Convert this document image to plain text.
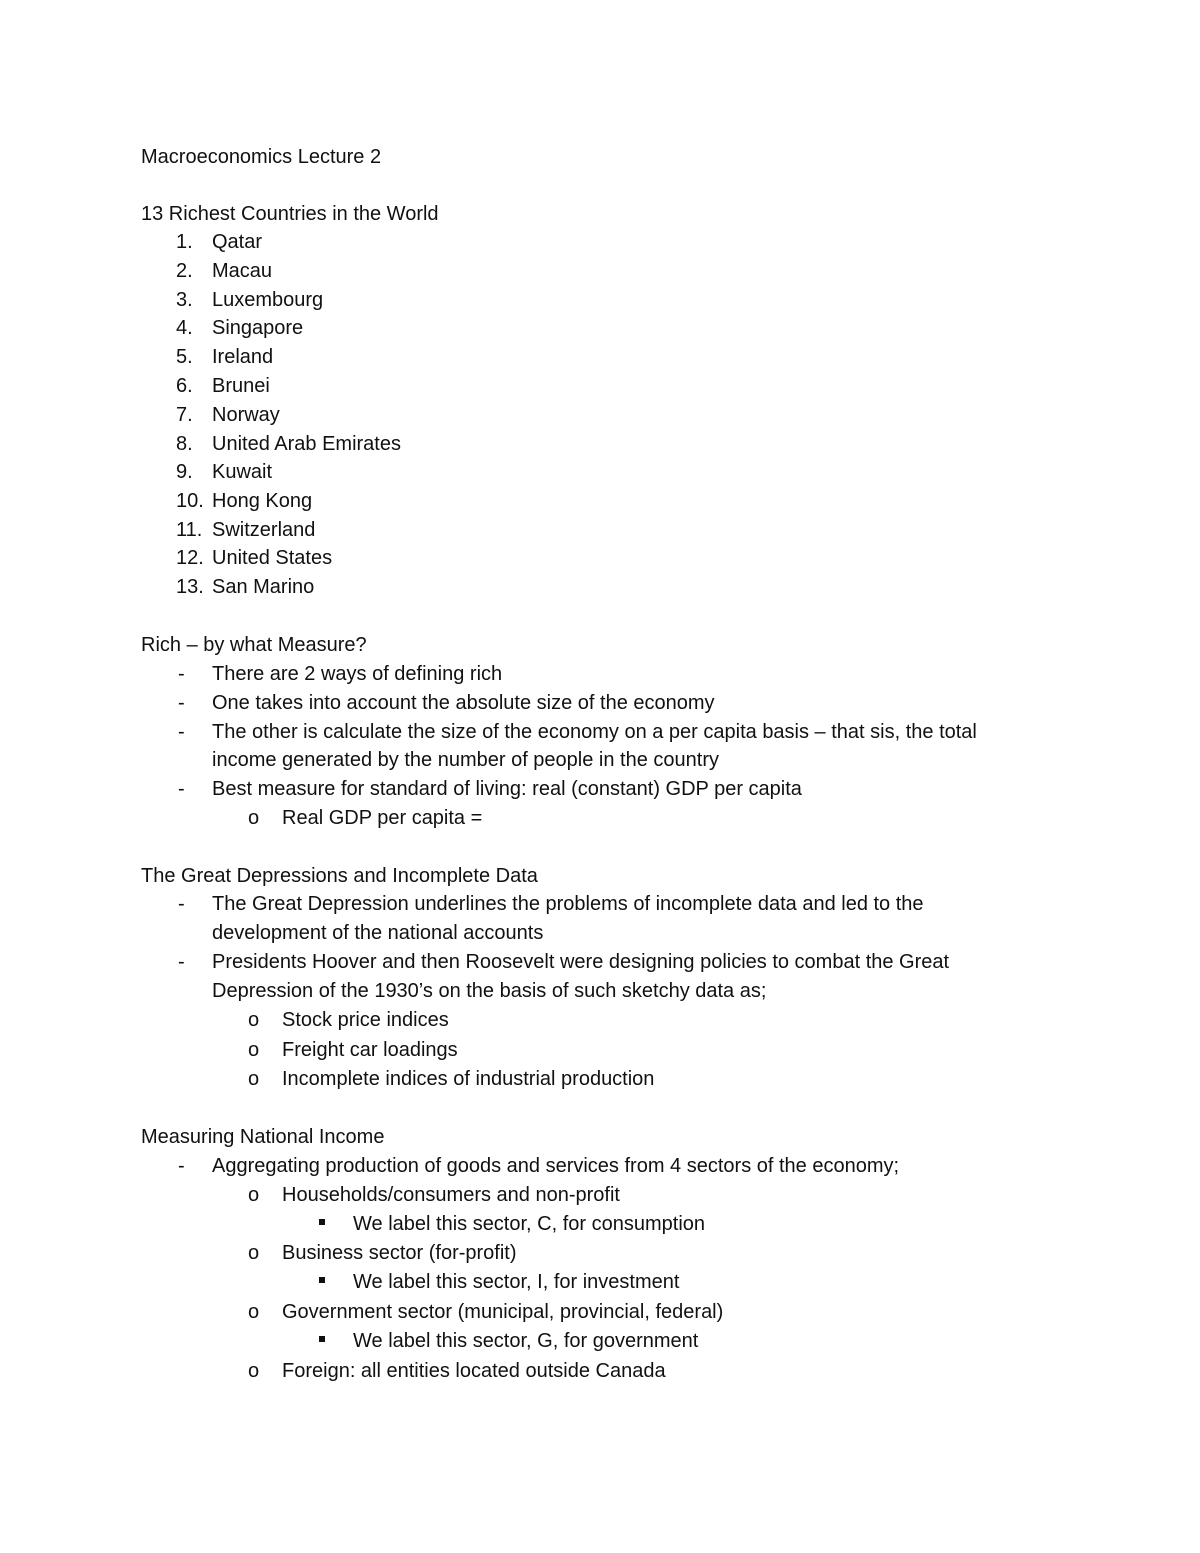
Macroeconomics Lecture 2
13 Richest Countries in the World
1. Qatar
2. Macau
3. Luxembourg
4. Singapore
5. Ireland
6. Brunei
7. Norway
8. United Arab Emirates
9. Kuwait
10. Hong Kong
11. Switzerland
12. United States
13. San Marino
Rich – by what Measure?
- There are 2 ways of defining rich
- One takes into account the absolute size of the economy
- The other is calculate the size of the economy on a per capita basis – that sis, the total
income generated by the number of people in the country
- Best measure for standard of living: real (constant) GDP per capita
o Real GDP per capita =
The Great Depressions and Incomplete Data
- The Great Depression underlines the problems of incomplete data and led to the
development of the national accounts
- Presidents Hoover and then Roosevelt were designing policies to combat the Great
Depression of the 1930’s on the basis of such sketchy data as;
o Stock price indices
o Freight car loadings
o Incomplete indices of industrial production
Measuring National Income
- Aggregating production of goods and services from 4 sectors of the economy;
o Households/consumers and non-profit
We label this sector, C, for consumption
o Business sector (for-profit)
We label this sector, I, for investment
o Government sector (municipal, provincial, federal)
We label this sector, G, for government
o Foreign: all entities located outside Canada
